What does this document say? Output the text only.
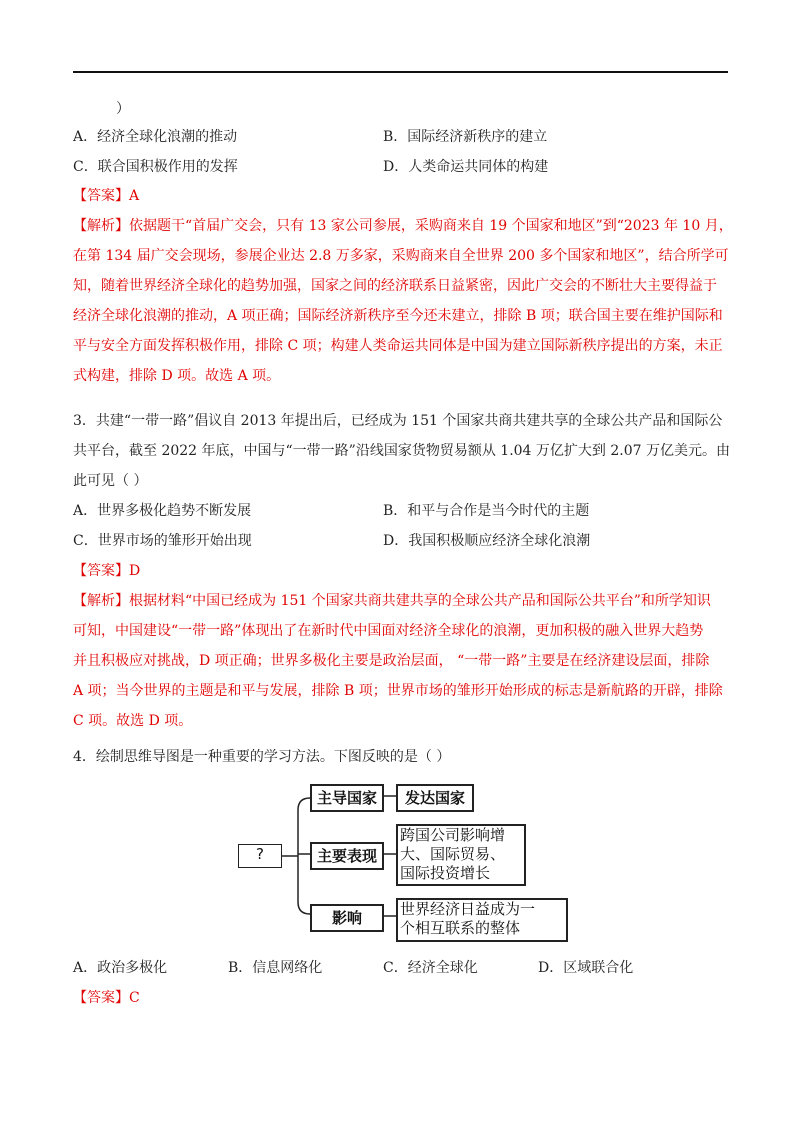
）
A．经济全球化浪潮的推动	B．国际经济新秩序的建立
C．联合国积极作用的发挥	D．人类命运共同体的构建
【答案】A
【解析】依据题干“首届广交会，只有 13 家公司参展，采购商来自 19 个国家和地区”到“2023 年 10 月，
在第 134 届广交会现场，参展企业达 2.8 万多家，采购商来自全世界 200 多个国家和地区”，结合所学可
知，随着世界经济全球化的趋势加强，国家之间的经济联系日益紧密，因此广交会的不断壮大主要得益于
经济全球化浪潮的推动，A 项正确；国际经济新秩序至今还未建立，排除 B 项；联合国主要在维护国际和
平与安全方面发挥积极作用，排除 C 项；构建人类命运共同体是中国为建立国际新秩序提出的方案，未正
式构建，排除 D 项。故选 A 项。
3．共建“一带一路”倡议自 2013 年提出后，已经成为 151 个国家共商共建共享的全球公共产品和国际公
共平台，截至 2022 年底，中国与“一带一路”沿线国家货物贸易额从 1.04 万亿扩大到 2.07 万亿美元。由
此可见（ ）
A．世界多极化趋势不断发展	B．和平与合作是当今时代的主题
C．世界市场的雏形开始出现	D．我国积极顺应经济全球化浪潮
【答案】D
【解析】根据材料“中国已经成为 151 个国家共商共建共享的全球公共产品和国际公共平台”和所学知识
可知，中国建设“一带一路”体现出了在新时代中国面对经济全球化的浪潮，更加积极的融入世界大趋势
并且积极应对挑战，D 项正确；世界多极化主要是政治层面， “一带一路”主要是在经济建设层面，排除
A 项；当今世界的主题是和平与发展，排除 B 项；世界市场的雏形开始形成的标志是新航路的开辟，排除
C 项。故选 D 项。
4．绘制思维导图是一种重要的学习方法。下图反映的是（ ）
?
主导国家	发达国家
主要表现
跨国公司影响增
大、国际贸易、
国际投资增长
影响	世界经济日益成为一
个相互联系的整体
A．政治多极化	B．信息网络化	C．经济全球化	D．区域联合化
【答案】C
